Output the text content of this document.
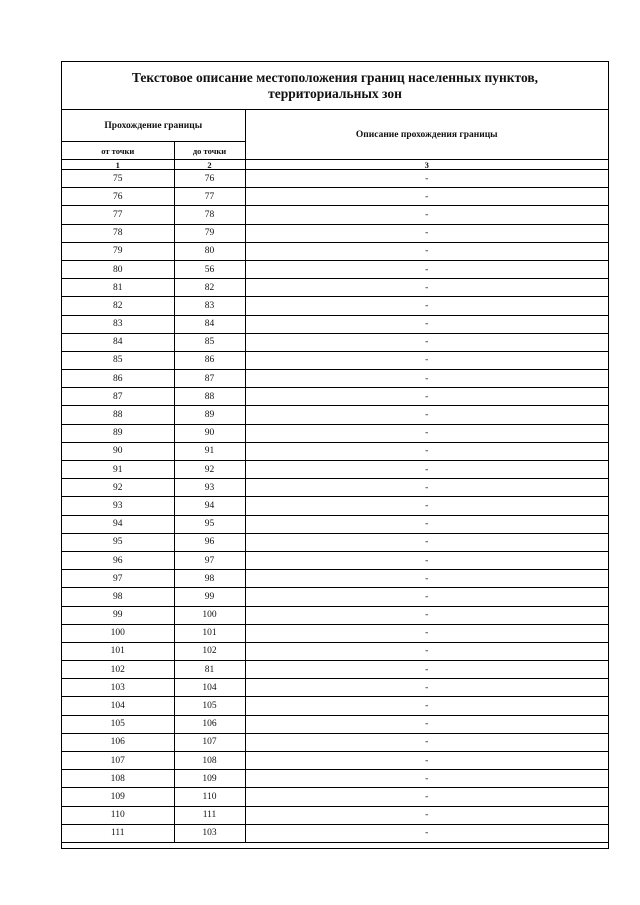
Текстовое описание местоположения границ населенных пунктов, территориальных зон
Прохождение границы		Описание прохождения границы
от точки	до точки	
1	2	3
75	76	-
76	77	-
77	78	-
78	79	-
79	80	-
80	56	-
81	82	-
82	83	-
83	84	-
84	85	-
85	86	-
86	87	-
87	88	-
88	89	-
89	90	-
90	91	-
91	92	-
92	93	-
93	94	-
94	95	-
95	96	-
96	97	-
97	98	-
98	99	-
99	100	-
100	101	-
101	102	-
102	81	-
103	104	-
104	105	-
105	106	-
106	107	-
107	108	-
108	109	-
109	110	-
110	111	-
111	103	-
